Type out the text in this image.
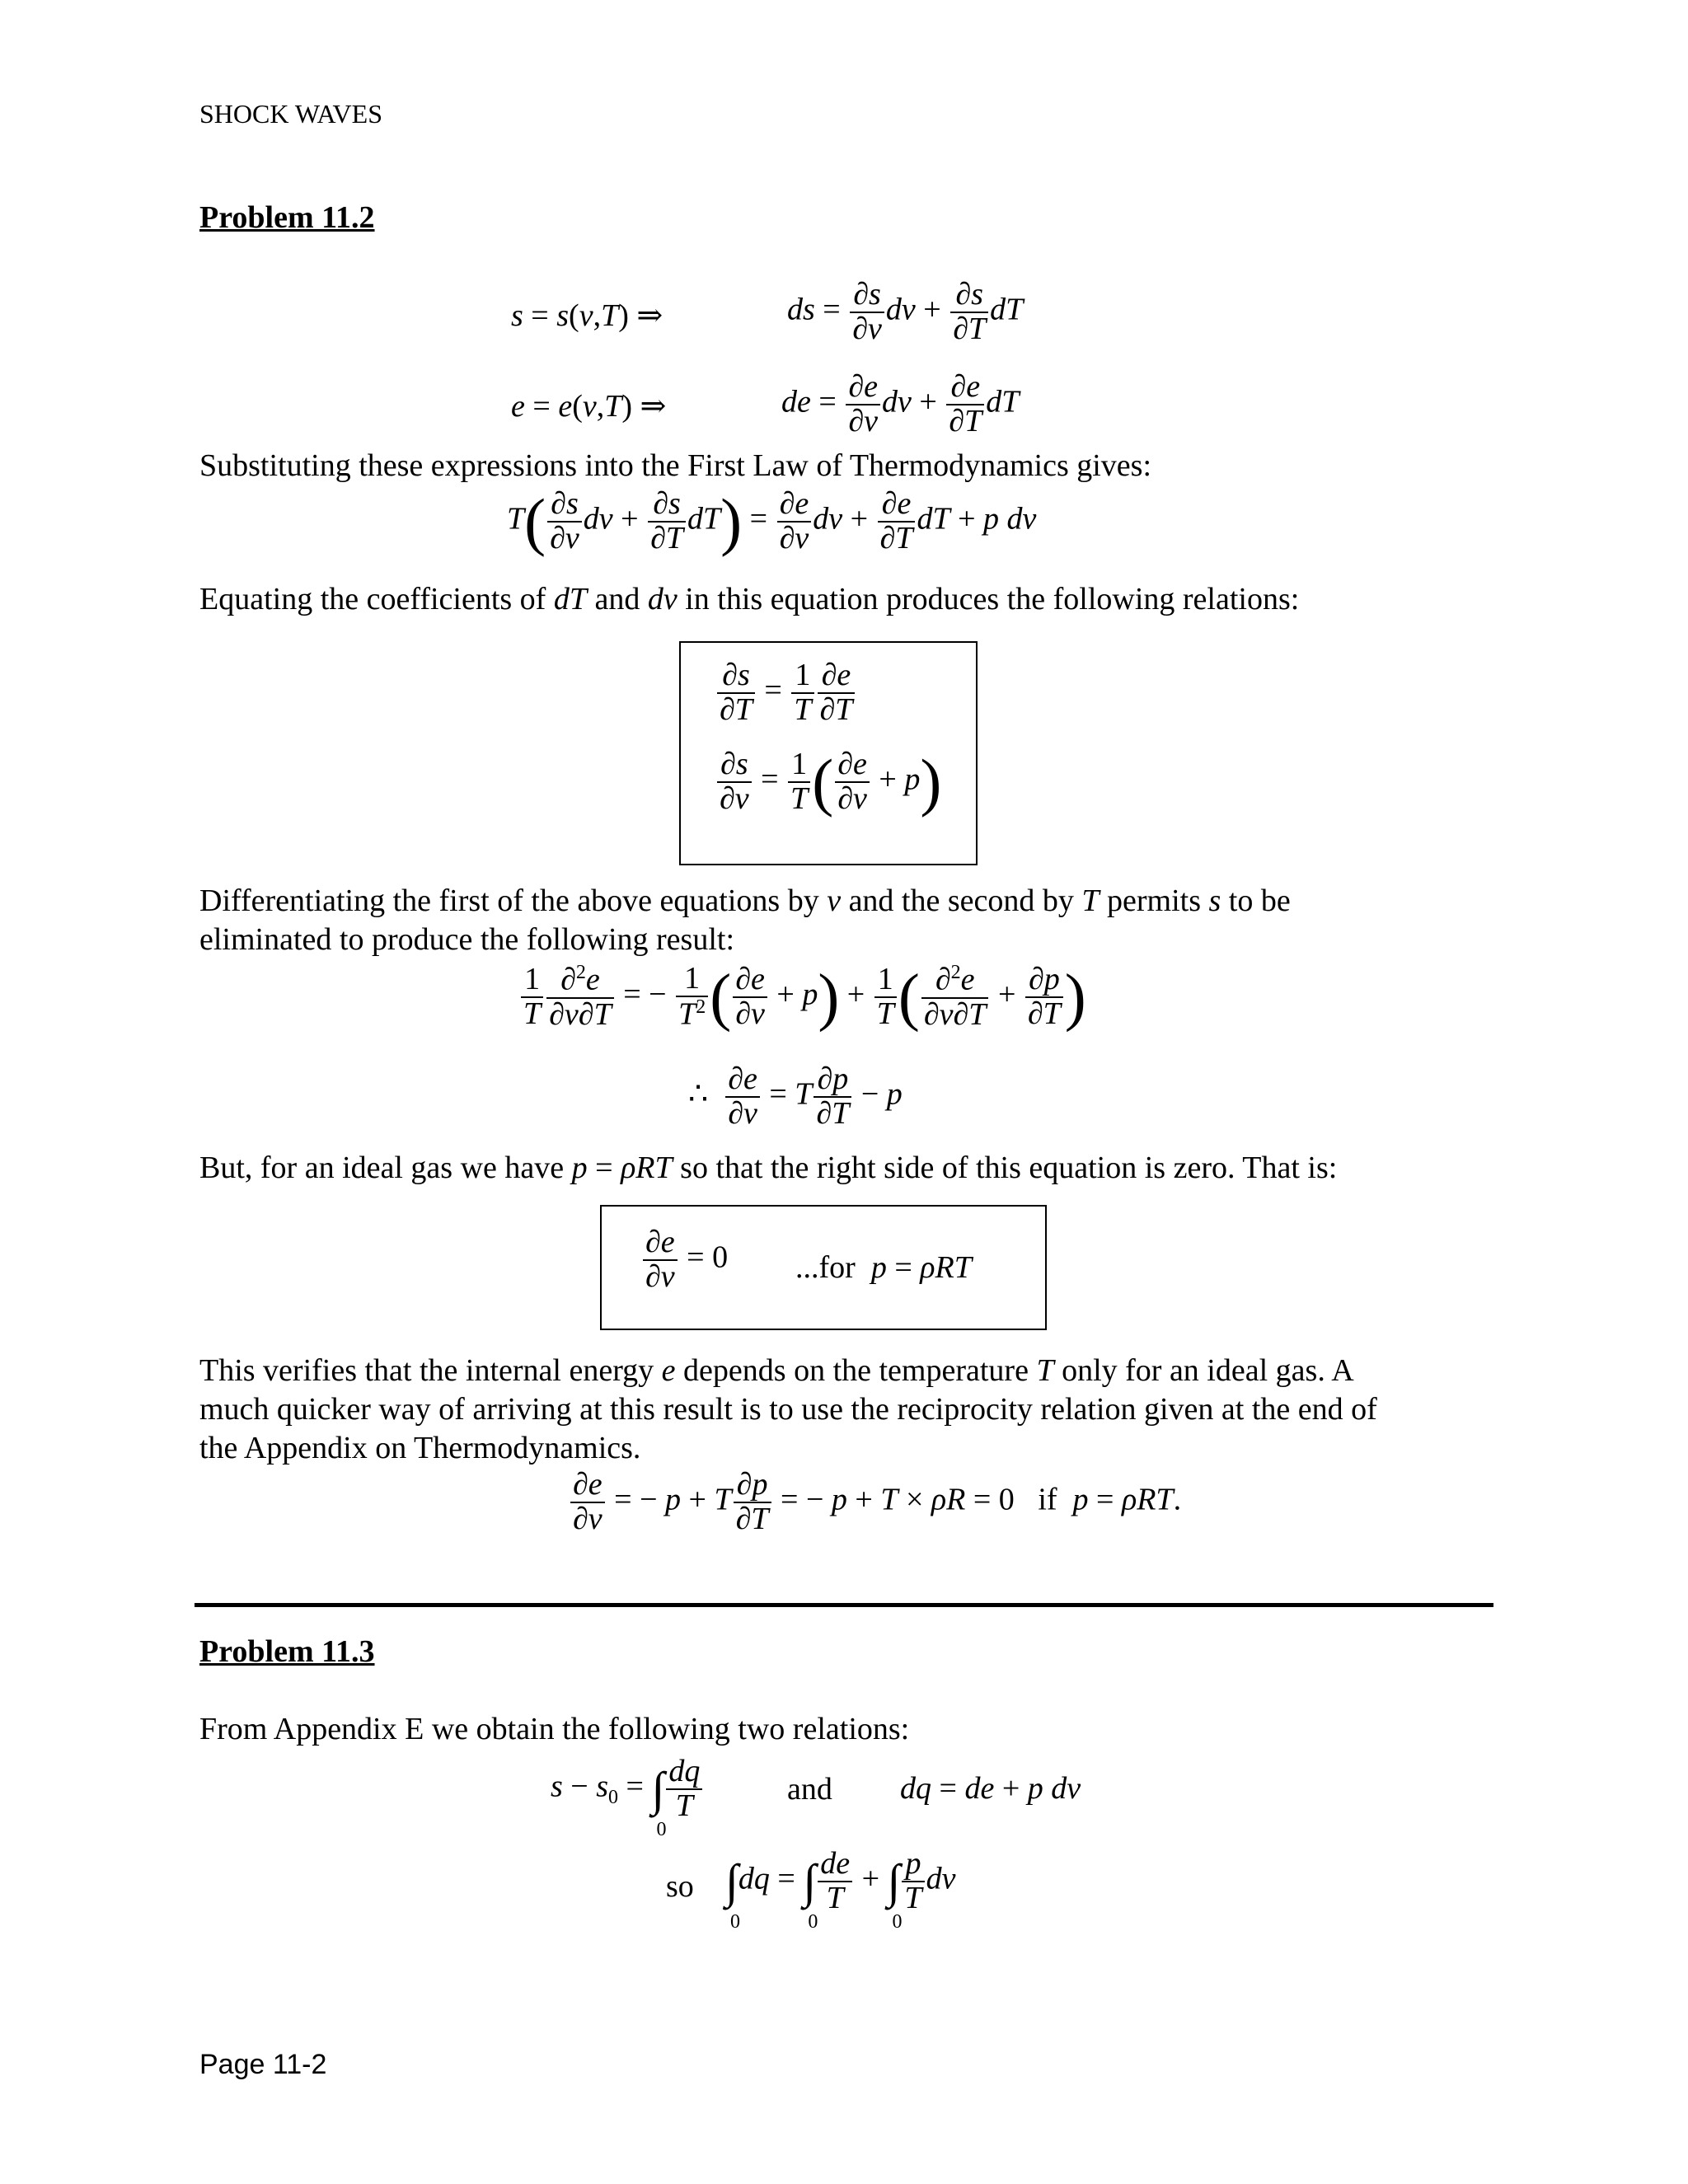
SHOCK WAVES
Problem 11.2
s = s(v,T) ⇒	ds = $\frac{\partial s}{\partial v}$ dv + $\frac{\partial s}{\partial T}$ dT
e = e(v,T) ⇒	de = $\frac{\partial e}{\partial v}$ dv + $\frac{\partial e}{\partial T}$ dT
Substituting these expressions into the First Law of Thermodynamics gives:
$T( \frac{\partial s}{\partial v}$ dv + $\frac{\partial s}{\partial T} dT) = \frac{\partial e}{\partial v}$ dv + $\frac{\partial e}{\partial T}$ dT + p dv
Equating the coefficients of dT and dv in this equation produces the following relations:
$\frac{\partial s}{\partial T} = \frac{1}{T} \frac{\partial e}{\partial T}$
$\frac{\partial s}{\partial v} = \frac{1}{T}$ ( $\frac{\partial e}{\partial v} + p$)
Differentiating the first of the above equations by v and the second by T permits s to be
eliminated to produce the following result:
$\frac{1}{T} \frac{\partial^2e}{\partial v\partial T}$ = − $\frac{1}{T^2}$ ( $\frac{\partial e}{\partial v} + p) + \frac{1}{T}$ ( $\frac{\partial^2e}{\partial v\partial T} + \frac{\partial p}{\partial T}$ )
∴ $\frac{\partial e}{\partial v} = T \frac{\partial p}{\partial T} - p$
But, for an ideal gas we have p = ρRT so that the right side of this equation is zero. That is:
$\frac{\partial e}{\partial v} = 0$ ...for p = ρRT
This verifies that the internal energy e depends on the temperature T only for an ideal gas. A
much quicker way of arriving at this result is to use the reciprocity relation given at the end of
the Appendix on Thermodynamics.
$\frac{\partial e}{\partial v}$ = − p + T $\frac{\partial p}{\partial T}$ = − p + T × ρR = 0   if p = ρRT.
Problem 11.3
From Appendix E we obtain the following two relations:
$s - s_0$ = ∫
0
$\frac{dq}{T}$	and dq = de + p dv
so ∫
0
dq = ∫
0
$\frac{de}{T}$ + ∫
0
$\frac{p}{T}$ dv
Page 11-2
